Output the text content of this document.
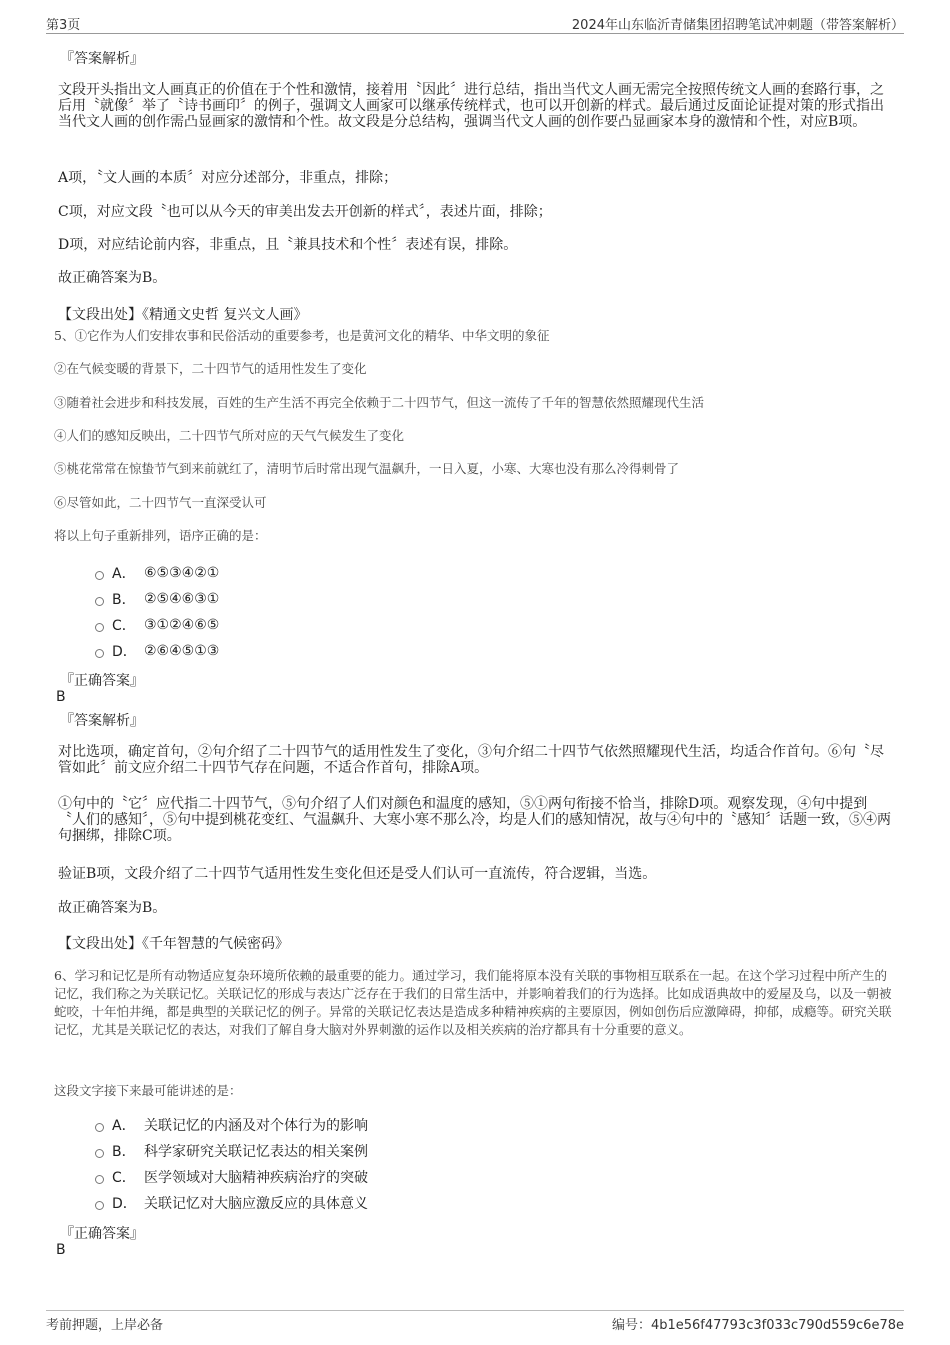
第3页	2024年山东临沂青储集团招聘笔试冲刺题（带答案解析）
『答案解析』
文段开头指出文人画真正的价值在于个性和激情，接着用〝因此〞进行总结，指出当代文人画无需完全按照传统文人画的套路行事，之后用〝就像〞举了〝诗书画印〞的例子，强调文人画家可以继承传统样式，也可以开创新的样式。最后通过反面论证提对策的形式指出当代文人画的创作需凸显画家的激情和个性。故文段是分总结构，强调当代文人画的创作要凸显画家本身的激情和个性，对应B项。
A项，〝文人画的本质〞对应分述部分，非重点，排除；
C项，对应文段〝也可以从今天的审美出发去开创新的样式〞，表述片面，排除；
D项，对应结论前内容，非重点，且〝兼具技术和个性〞表述有误，排除。
故正确答案为B。
【文段出处】《精通文史哲 复兴文人画》
5、①它作为人们安排农事和民俗活动的重要参考，也是黄河文化的精华、中华文明的象征
②在气候变暖的背景下，二十四节气的适用性发生了变化
③随着社会进步和科技发展，百姓的生产生活不再完全依赖于二十四节气，但这一流传了千年的智慧依然照耀现代生活
④人们的感知反映出，二十四节气所对应的天气气候发生了变化
⑤桃花常常在惊蛰节气到来前就红了，清明节后时常出现气温飙升，一日入夏，小寒、大寒也没有那么冷得刺骨了
⑥尽管如此，二十四节气一直深受认可
将以上句子重新排列，语序正确的是：
A． ⑥⑤③④②①
B． ②⑤④⑥③①
C． ③①②④⑥⑤
D． ②⑥④⑤①③
『正确答案』
B
『答案解析』
对比选项，确定首句，②句介绍了二十四节气的适用性发生了变化，③句介绍二十四节气依然照耀现代生活，均适合作首句。⑥句〝尽管如此〞前文应介绍二十四节气存在问题，不适合作首句，排除A项。
①句中的〝它〞应代指二十四节气，⑤句介绍了人们对颜色和温度的感知，⑤①两句衔接不恰当，排除D项。观察发现，④句中提到〝人们的感知〞，⑤句中提到桃花变红、气温飙升、大寒小寒不那么冷，均是人们的感知情况，故与④句中的〝感知〞话题一致，⑤④两句捆绑，排除C项。
验证B项，文段介绍了二十四节气适用性发生变化但还是受人们认可一直流传，符合逻辑，当选。
故正确答案为B。
【文段出处】《千年智慧的气候密码》
6、学习和记忆是所有动物适应复杂环境所依赖的最重要的能力。通过学习，我们能将原本没有关联的事物相互联系在一起。在这个学习过程中所产生的记忆，我们称之为关联记忆。关联记忆的形成与表达广泛存在于我们的日常生活中，并影响着我们的行为选择。比如成语典故中的爱屋及乌，以及一朝被蛇咬，十年怕井绳，都是典型的关联记忆的例子。异常的关联记忆表达是造成多种精神疾病的主要原因，例如创伤后应激障碍，抑郁，成瘾等。研究关联记忆，尤其是关联记忆的表达，对我们了解自身大脑对外界刺激的运作以及相关疾病的治疗都具有十分重要的意义。
这段文字接下来最可能讲述的是：
A． 关联记忆的内涵及对个体行为的影响
B． 科学家研究关联记忆表达的相关案例
C． 医学领域对大脑精神疾病治疗的突破
D． 关联记忆对大脑应激反应的具体意义
『正确答案』
B
考前押题，上岸必备	编号：4b1e56f47793c3f033c790d559c6e78e
